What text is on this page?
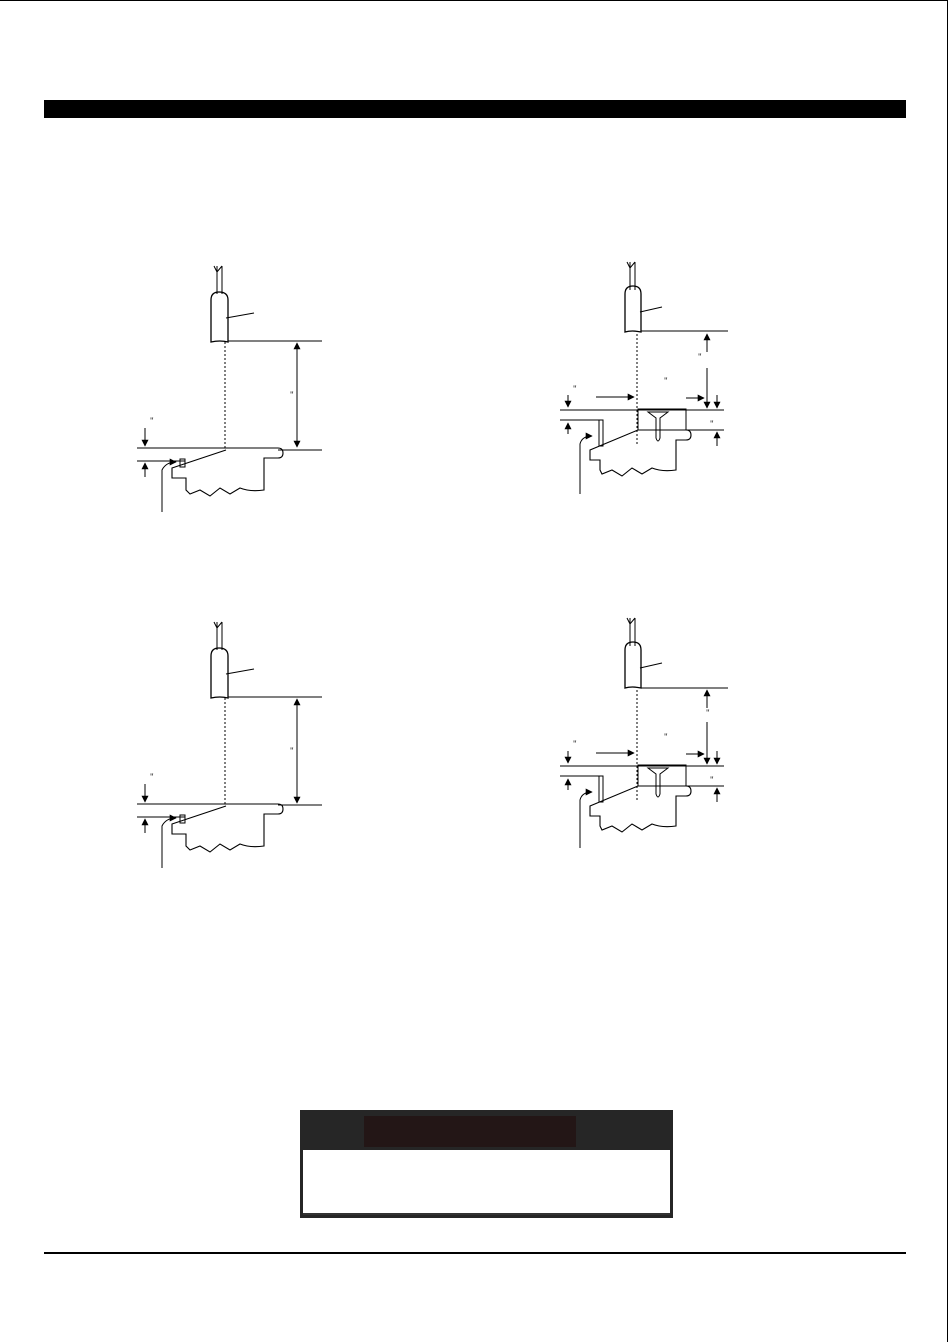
"
"
"
"
"
"
"
"
"
"
"
"
